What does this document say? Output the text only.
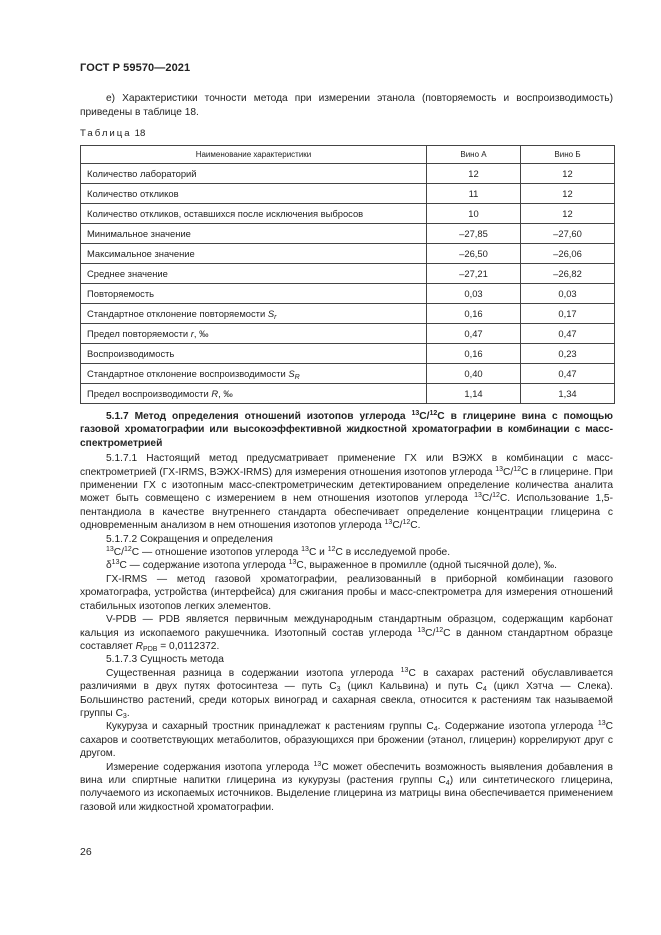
ГОСТ Р 59570—2021
е) Характеристики точности метода при измерении этанола (повторяемость и воспроизводимость) приведены в таблице 18.
Таблица 18
Наименование характеристики	Вино А	Вино Б
Количество лабораторий	12	12
Количество откликов	11	12
Количество откликов, оставшихся после исключения выбросов	10	12
Минимальное значение	–27,85	–27,60
Максимальное значение	–26,50	–26,06
Среднее значение	–27,21	–26,82
Повторяемость	0,03	0,03
Стандартное отклонение повторяемости $S_r$	0,16	0,17
Предел повторяемости r, ‰	0,47	0,47
Воспроизводимость	0,16	0,23
Стандартное отклонение воспроизводимости $S_R$	0,40	0,47
Предел воспроизводимости R, ‰	1,14	1,34

5.1.7 Метод определения отношений изотопов углерода $^{13}$C/$^{12}$C в глицерине вина с помощью газовой хроматографии или высокоэффективной жидкостной хроматографии в комбинации с масс-спектрометрией

5.1.7.1 Настоящий метод предусматривает применение ГХ или ВЭЖХ в комбинации с масс-спектрометрией (ГХ-IRMS, ВЭЖХ-IRMS) для измерения отношения изотопов углерода $^{13}$C/$^{12}$C в глицерине. При применении ГХ с изотопным масс-спектрометрическим детектированием определение количества аналита может быть совмещено с измерением в нем отношения изотопов углерода $^{13}$C/$^{12}$C. Использование 1,5-пентандиола в качестве внутреннего стандарта обеспечивает определение концентрации глицерина с одновременным анализом в нем отношения изотопов углерода $^{13}$C/$^{12}$C.

5.1.7.2 Сокращения и определения

$^{13}$C/$^{12}$C — отношение изотопов углерода $^{13}$C и $^{12}$C в исследуемой пробе.

$\delta^{13}C$ — содержание изотопа углерода $^{13}$C, выраженное в промилле (одной тысячной доле), ‰.

ГХ-IRMS — метод газовой хроматографии, реализованный в приборной комбинации газового хроматографа, устройства (интерфейса) для сжигания пробы и масс-спектрометра для измерения отношений стабильных изотопов легких элементов.

V-PDB — PDB является первичным международным стандартным образцом, содержащим карбонат кальция из ископаемого ракушечника. Изотопный состав углерода $^{13}$C/$^{12}$C в данном стандартном образце составляет $R_{PDB} = 0,0112372$.

5.1.7.3 Сущность метода

Существенная разница в содержании изотопа углерода $^{13}$C в сахарах растений обуславливается различиями в двух путях фотосинтеза — путь $C_3$ (цикл Кальвина) и путь $C_4$ (цикл Хэтча — Слека). Большинство растений, среди которых виноград и сахарная свекла, относится к растениям так называемой группы $C_3$.

Кукуруза и сахарный тростник принадлежат к растениям группы $C_4$. Содержание изотопа углерода $^{13}$C сахаров и соответствующих метаболитов, образующихся при брожении (этанол, глицерин) коррелируют друг с другом.

Измерение содержания изотопа углерода $^{13}$C может обеспечить возможность выявления добавления в вина или спиртные напитки глицерина из кукурузы (растения группы $C_4$) или синтетического глицерина, получаемого из ископаемых источников. Выделение глицерина из матрицы вина обеспечивается применением газовой или жидкостной хроматографии.

26
